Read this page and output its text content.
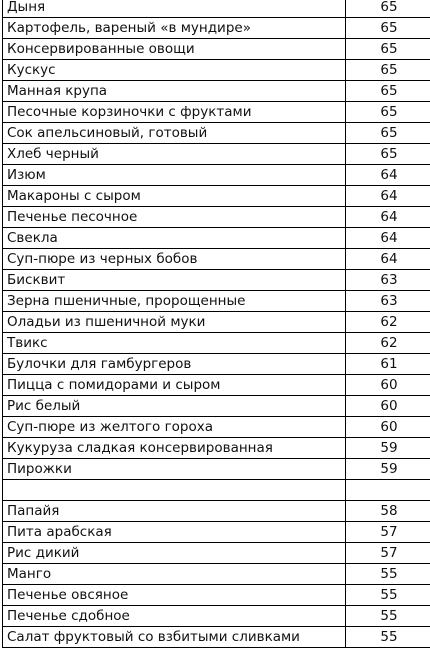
Дыня	65
Картофель, вареный «в мундире»	65
Консервированные овощи	65
Кускус	65
Манная крупа	65
Песочные корзиночки с фруктами	65
Сок апельсиновый, готовый	65
Хлеб черный	65
Изюм	64
Макароны с сыром	64
Печенье песочное	64
Свекла	64
Суп-пюре из черных бобов	64
Бисквит	63
Зерна пшеничные, пророщенные	63
Оладьи из пшеничной муки	62
Твикс	62
Булочки для гамбургеров	61
Пицца с помидорами и сыром	60
Рис белый	60
Суп-пюре из желтого гороха	60
Кукуруза сладкая консервированная	59
Пирожки	59

Папайя	58
Пита арабская	57
Рис дикий	57
Манго	55
Печенье овсяное	55
Печенье сдобное	55
Салат фруктовый со взбитыми сливками	55
